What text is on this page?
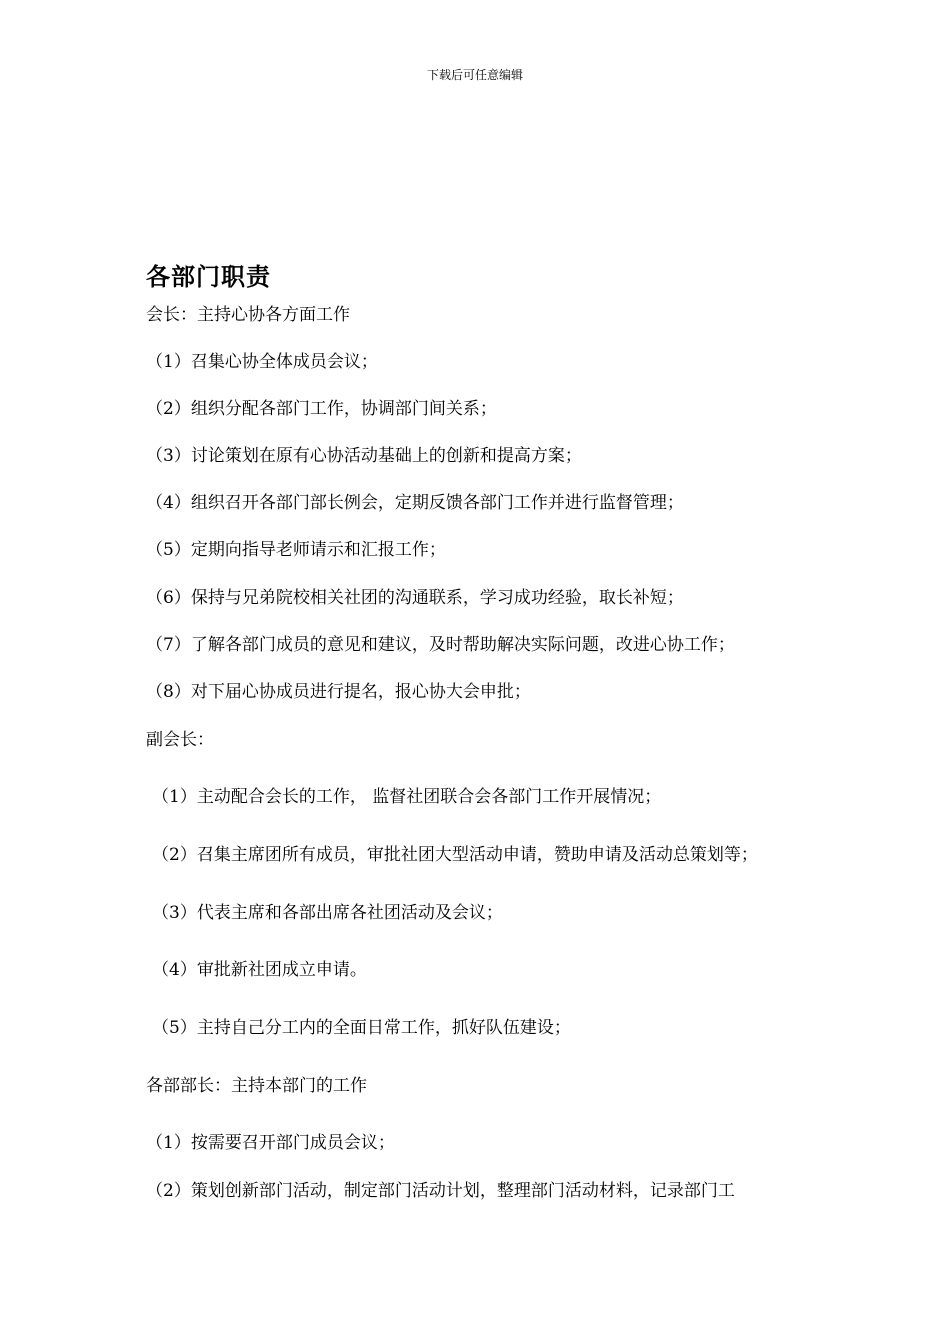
下载后可任意编辑
各部门职责
会长：主持心协各方面工作
（1）召集心协全体成员会议；
（2）组织分配各部门工作，协调部门间关系；
（3）讨论策划在原有心协活动基础上的创新和提高方案；
（4）组织召开各部门部长例会，定期反馈各部门工作并进行监督管理；
（5）定期向指导老师请示和汇报工作；
（6）保持与兄弟院校相关社团的沟通联系，学习成功经验，取长补短；
（7）了解各部门成员的意见和建议，及时帮助解决实际问题，改进心协工作；
（8）对下届心协成员进行提名，报心协大会申批；
副会长：
（1）主动配合会长的工作， 监督社团联合会各部门工作开展情况；
（2）召集主席团所有成员，审批社团大型活动申请，赞助申请及活动总策划等；
（3）代表主席和各部出席各社团活动及会议；
（4）审批新社团成立申请。
（5）主持自己分工内的全面日常工作，抓好队伍建设；
各部部长：主持本部门的工作
（1）按需要召开部门成员会议；
（2）策划创新部门活动，制定部门活动计划，整理部门活动材料，记录部门工
